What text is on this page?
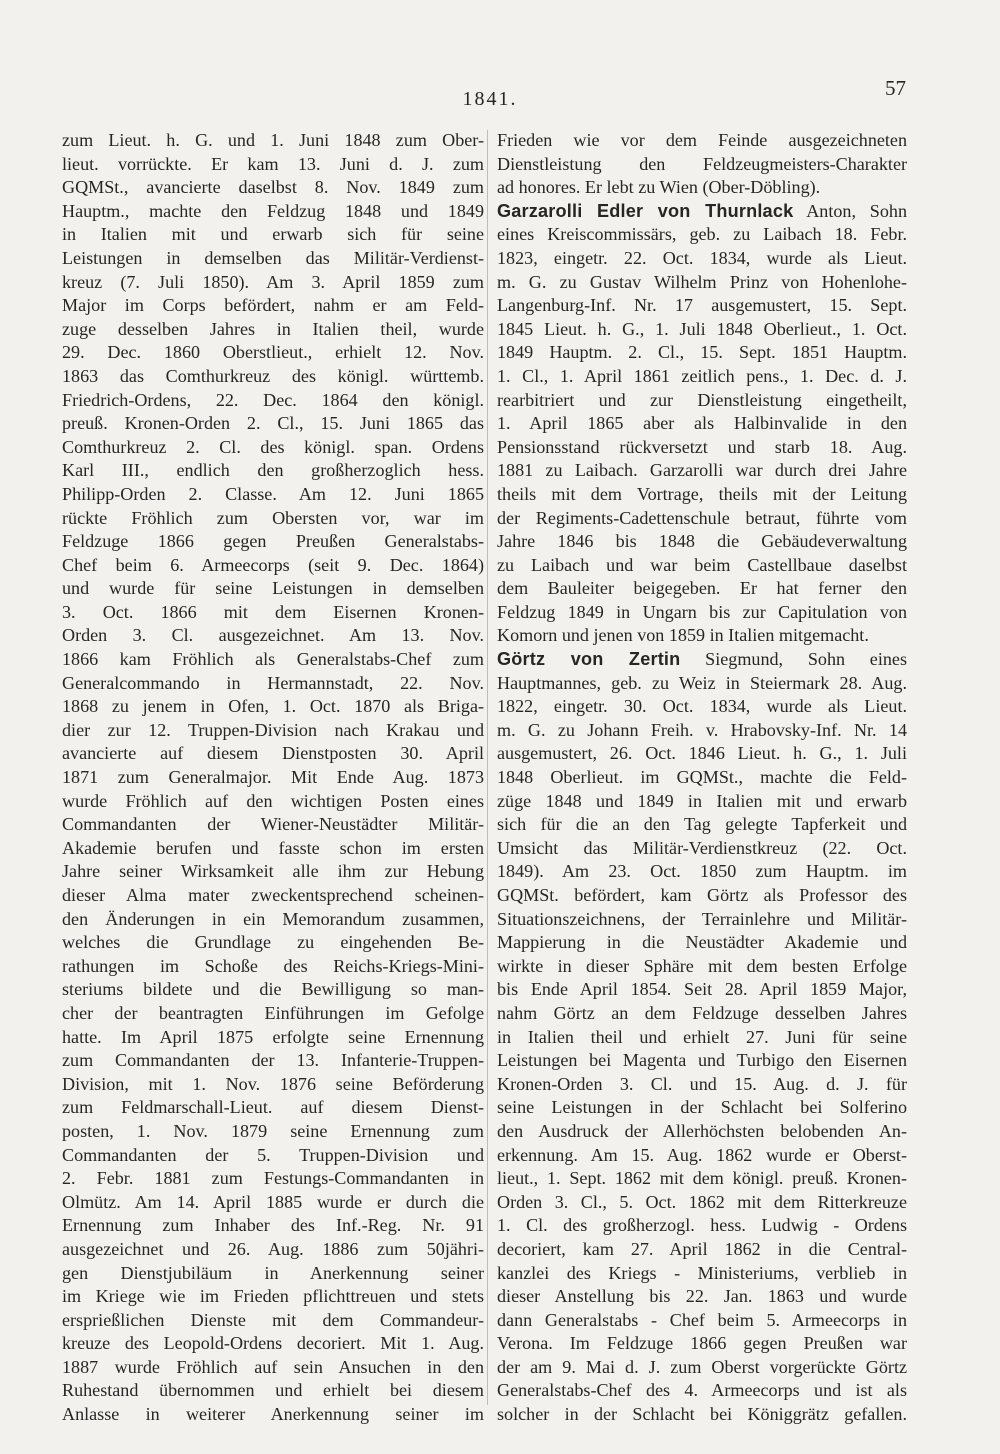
1841.	57
zum Lieut. h. G. und 1. Juni 1848 zum Ober-
lieut. vorrückte. Er kam 13. Juni d. J. zum
GQMSt., avancierte daselbst 8. Nov. 1849 zum
Hauptm., machte den Feldzug 1848 und 1849
in Italien mit und erwarb sich für seine
Leistungen in demselben das Militär-Verdienst-
kreuz (7. Juli 1850). Am 3. April 1859 zum
Major im Corps befördert, nahm er am Feld-
zuge desselben Jahres in Italien theil, wurde
29. Dec. 1860 Oberstlieut., erhielt 12. Nov.
1863 das Comthurkreuz des königl. württemb.
Friedrich-Ordens, 22. Dec. 1864 den königl.
preuß. Kronen-Orden 2. Cl., 15. Juni 1865 das
Comthurkreuz 2. Cl. des königl. span. Ordens
Karl III., endlich den großherzoglich hess.
Philipp-Orden 2. Classe. Am 12. Juni 1865
rückte Fröhlich zum Obersten vor, war im
Feldzuge 1866 gegen Preußen Generalstabs-
Chef beim 6. Armeecorps (seit 9. Dec. 1864)
und wurde für seine Leistungen in demselben
3. Oct. 1866 mit dem Eisernen Kronen-
Orden 3. Cl. ausgezeichnet. Am 13. Nov.
1866 kam Fröhlich als Generalstabs-Chef zum
Generalcommando in Hermannstadt, 22. Nov.
1868 zu jenem in Ofen, 1. Oct. 1870 als Briga-
dier zur 12. Truppen-Division nach Krakau und
avancierte auf diesem Dienstposten 30. April
1871 zum Generalmajor. Mit Ende Aug. 1873
wurde Fröhlich auf den wichtigen Posten eines
Commandanten der Wiener-Neustädter Militär-
Akademie berufen und fasste schon im ersten
Jahre seiner Wirksamkeit alle ihm zur Hebung
dieser Alma mater zweckentsprechend scheinen-
den Änderungen in ein Memorandum zusammen,
welches die Grundlage zu eingehenden Be-
rathungen im Schoße des Reichs-Kriegs-Mini-
steriums bildete und die Bewilligung so man-
cher der beantragten Einführungen im Gefolge
hatte. Im April 1875 erfolgte seine Ernennung
zum Commandanten der 13. Infanterie-Truppen-
Division, mit 1. Nov. 1876 seine Beförderung
zum Feldmarschall-Lieut. auf diesem Dienst-
posten, 1. Nov. 1879 seine Ernennung zum
Commandanten der 5. Truppen-Division und
2. Febr. 1881 zum Festungs-Commandanten in
Olmütz. Am 14. April 1885 wurde er durch die
Ernennung zum Inhaber des Inf.-Reg. Nr. 91
ausgezeichnet und 26. Aug. 1886 zum 50jähri-
gen Dienstjubiläum in Anerkennung seiner
im Kriege wie im Frieden pflichttreuen und stets
ersprießlichen Dienste mit dem Commandeur-
kreuze des Leopold-Ordens decoriert. Mit 1. Aug.
1887 wurde Fröhlich auf sein Ansuchen in den
Ruhestand übernommen und erhielt bei diesem
Anlasse in weiterer Anerkennung seiner im
Frieden wie vor dem Feinde ausgezeichneten
Dienstleistung den Feldzeugmeisters-Charakter
ad honores. Er lebt zu Wien (Ober-Döbling).
Garzarolli Edler von Thurnlack Anton, Sohn
eines Kreiscommissärs, geb. zu Laibach 18. Febr.
1823, eingetr. 22. Oct. 1834, wurde als Lieut.
m. G. zu Gustav Wilhelm Prinz von Hohenlohe-
Langenburg-Inf. Nr. 17 ausgemustert, 15. Sept.
1845 Lieut. h. G., 1. Juli 1848 Oberlieut., 1. Oct.
1849 Hauptm. 2. Cl., 15. Sept. 1851 Hauptm.
1. Cl., 1. April 1861 zeitlich pens., 1. Dec. d. J.
rearbitriert und zur Dienstleistung eingetheilt,
1. April 1865 aber als Halbinvalide in den
Pensionsstand rückversetzt und starb 18. Aug.
1881 zu Laibach. Garzarolli war durch drei Jahre
theils mit dem Vortrage, theils mit der Leitung
der Regiments-Cadettenschule betraut, führte vom
Jahre 1846 bis 1848 die Gebäudeverwaltung
zu Laibach und war beim Castellbaue daselbst
dem Bauleiter beigegeben. Er hat ferner den
Feldzug 1849 in Ungarn bis zur Capitulation von
Komorn und jenen von 1859 in Italien mitgemacht.
Görtz von Zertin Siegmund, Sohn eines
Hauptmannes, geb. zu Weiz in Steiermark 28. Aug.
1822, eingetr. 30. Oct. 1834, wurde als Lieut.
m. G. zu Johann Freih. v. Hrabovsky-Inf. Nr. 14
ausgemustert, 26. Oct. 1846 Lieut. h. G., 1. Juli
1848 Oberlieut. im GQMSt., machte die Feld-
züge 1848 und 1849 in Italien mit und erwarb
sich für die an den Tag gelegte Tapferkeit und
Umsicht das Militär-Verdienstkreuz (22. Oct.
1849). Am 23. Oct. 1850 zum Hauptm. im
GQMSt. befördert, kam Görtz als Professor des
Situationszeichnens, der Terrainlehre und Militär-
Mappierung in die Neustädter Akademie und
wirkte in dieser Sphäre mit dem besten Erfolge
bis Ende April 1854. Seit 28. April 1859 Major,
nahm Görtz an dem Feldzuge desselben Jahres
in Italien theil und erhielt 27. Juni für seine
Leistungen bei Magenta und Turbigo den Eisernen
Kronen-Orden 3. Cl. und 15. Aug. d. J. für
seine Leistungen in der Schlacht bei Solferino
den Ausdruck der Allerhöchsten belobenden An-
erkennung. Am 15. Aug. 1862 wurde er Oberst-
lieut., 1. Sept. 1862 mit dem königl. preuß. Kronen-
Orden 3. Cl., 5. Oct. 1862 mit dem Ritterkreuze
1. Cl. des großherzogl. hess. Ludwig - Ordens
decoriert, kam 27. April 1862 in die Central-
kanzlei des Kriegs - Ministeriums, verblieb in
dieser Anstellung bis 22. Jan. 1863 und wurde
dann Generalstabs - Chef beim 5. Armeecorps in
Verona. Im Feldzuge 1866 gegen Preußen war
der am 9. Mai d. J. zum Oberst vorgerückte Görtz
Generalstabs-Chef des 4. Armeecorps und ist als
solcher in der Schlacht bei Königgrätz gefallen.
